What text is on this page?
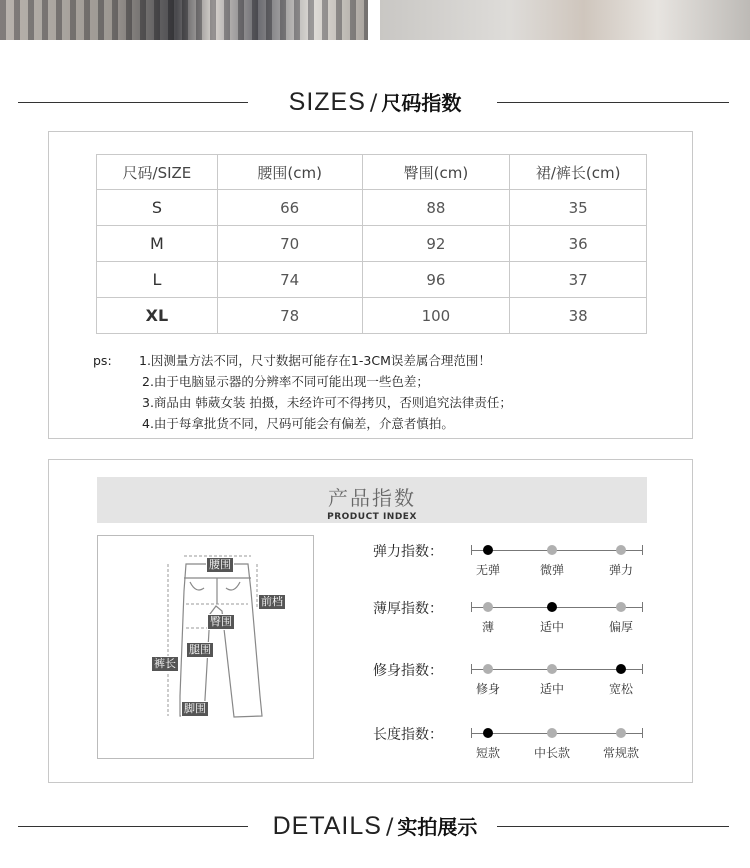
SIZES / 尺码指数
尺码/SIZE	腰围(cm)	臀围(cm)	裙/裤长(cm)
S	66	88	35
M	70	92	36
L	74	96	37
XL	78	100	38
ps:	1.因测量方法不同，尺寸数据可能存在1-3CM误差属合理范围！
2.由于电脑显示器的分辨率不同可能出现一些色差；
3.商品由 韩葳女装 拍摄，未经许可不得拷贝，否则追究法律责任；
4.由于每拿批货不同，尺码可能会有偏差，介意者慎拍。
产品指数
PRODUCT INDEX
腰围
前档
臀围
腿围
裤长
脚围
弹力指数：
无弹	微弹	弹力
薄厚指数：
薄	适中	偏厚
修身指数：
修身	适中	宽松
长度指数：
短款	中长款	常规款
DETAILS / 实拍展示
